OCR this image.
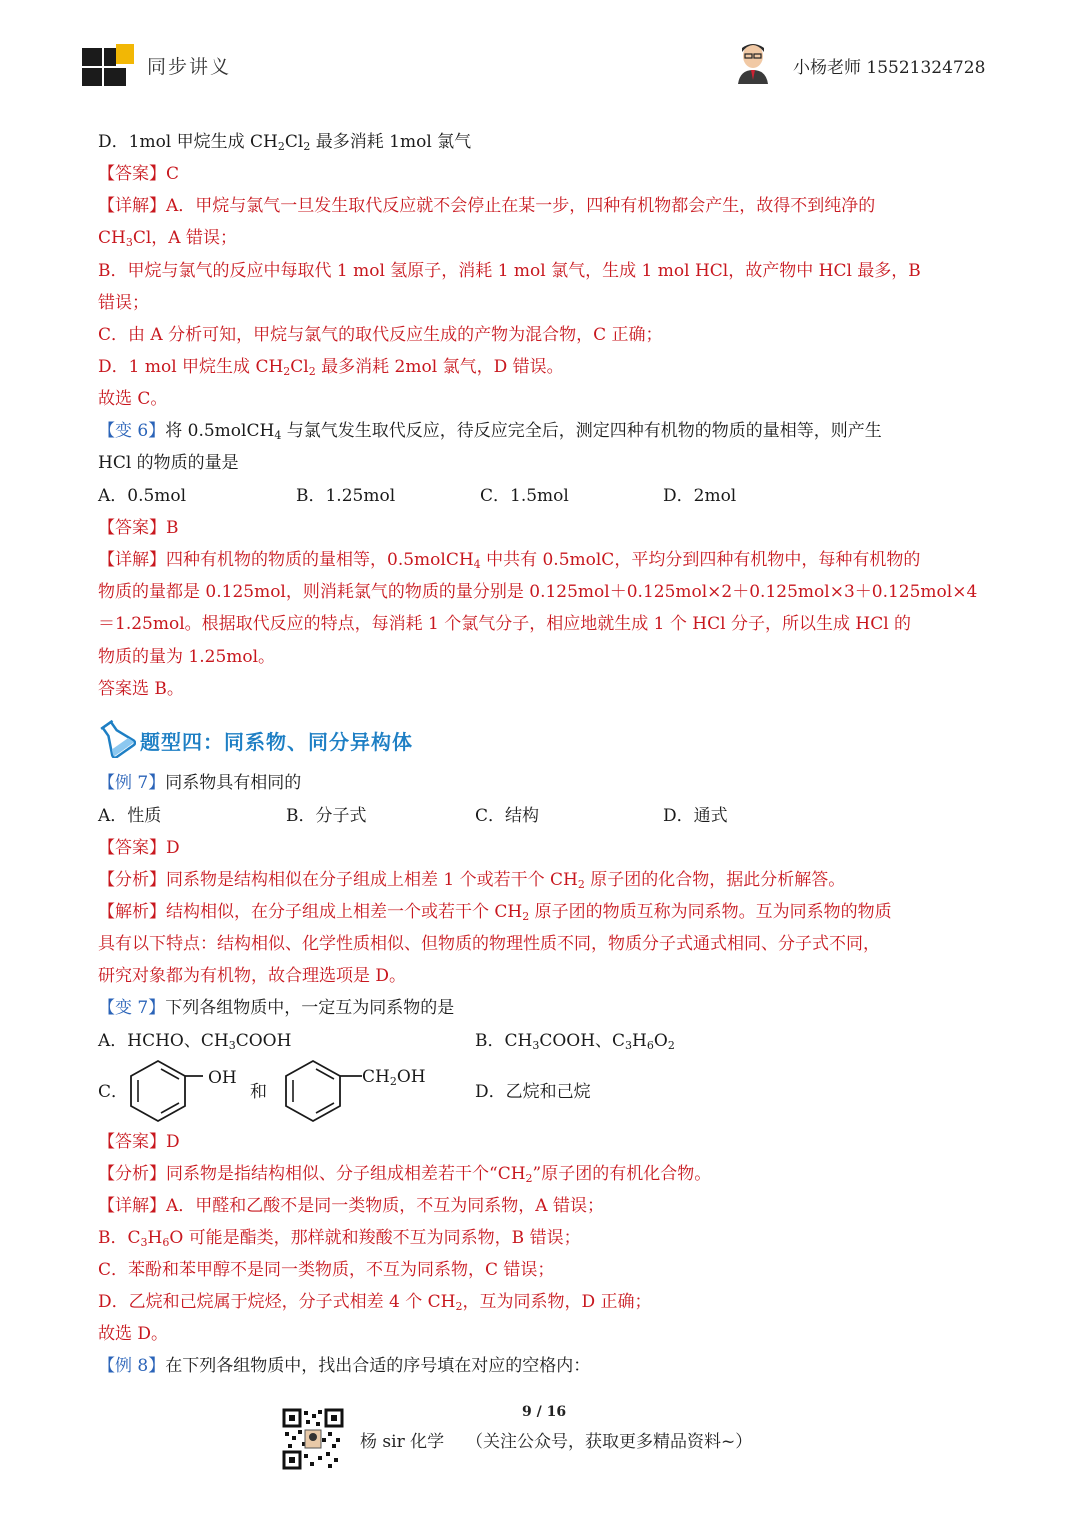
同步讲义	小杨老师 15521324728
D．1mol 甲烷生成 $CH_2Cl_2$ 最多消耗 1mol 氯气
【答案】C
【详解】A．甲烷与氯气一旦发生取代反应就不会停止在某一步，四种有机物都会产生，故得不到纯净的
$CH_3Cl$，A 错误；
B．甲烷与氯气的反应中每取代 1 mol 氢原子，消耗 1 mol 氯气，生成 1 mol HCl，故产物中 HCl 最多，B
错误；
C．由 A 分析可知，甲烷与氯气的取代反应生成的产物为混合物，C 正确；
D．1 mol 甲烷生成 $CH_2Cl_2$ 最多消耗 2mol 氯气，D 错误。
故选 C。
【变 6】将 0.5molCH$_4$ 与氯气发生取代反应，待反应完全后，测定四种有机物的物质的量相等，则产生
HCl 的物质的量是
A．0.5mol	B．1.25mol	C．1.5mol	D．2mol
【答案】B
【详解】四种有机物的物质的量相等，0.5molCH$_4$ 中共有 0.5molC，平均分到四种有机物中，每种有机物的
物质的量都是 0.125mol，则消耗氯气的物质的量分别是 0.125mol＋0.125mol×2＋0.125mol×3＋0.125mol×4
＝1.25mol。根据取代反应的特点，每消耗 1 个氯气分子，相应地就生成 1 个 HCl 分子，所以生成 HCl 的
物质的量为 1.25mol。
答案选 B。
题型四：同系物、同分异构体
【例 7】同系物具有相同的
A．性质	B．分子式	C．结构	D．通式
【答案】D
【分析】同系物是结构相似在分子组成上相差 1 个或若干个 $CH_2$ 原子团的化合物，据此分析解答。
【解析】结构相似，在分子组成上相差一个或若干个 $CH_2$ 原子团的物质互称为同系物。互为同系物的物质
具有以下特点：结构相似、化学性质相似、但物质的物理性质不同，物质分子式通式相同、分子式不同，
研究对象都为有机物，故合理选项是 D。
【变 7】下列各组物质中，一定互为同系物的是
A．HCHO、$CH_3COOH$	B．$CH_3COOH$、$C_3H_6O_2$
C．
OH
和
$CH_2OH$
D．乙烷和己烷
【答案】D
【分析】同系物是指结构相似、分子组成相差若干个“$CH_2$”原子团的有机化合物。
【详解】A．甲醛和乙酸不是同一类物质，不互为同系物，A 错误；
B．$C_3H_6O$ 可能是酯类，那样就和羧酸不互为同系物，B 错误；
C．苯酚和苯甲醇不是同一类物质，不互为同系物，C 错误；
D．乙烷和己烷属于烷烃，分子式相差 4 个 $CH_2$，互为同系物，D 正确；
故选 D。
【例 8】在下列各组物质中，找出合适的序号填在对应的空格内：
9 / 16
杨 sir 化学 （关注公众号，获取更多精品资料~）
